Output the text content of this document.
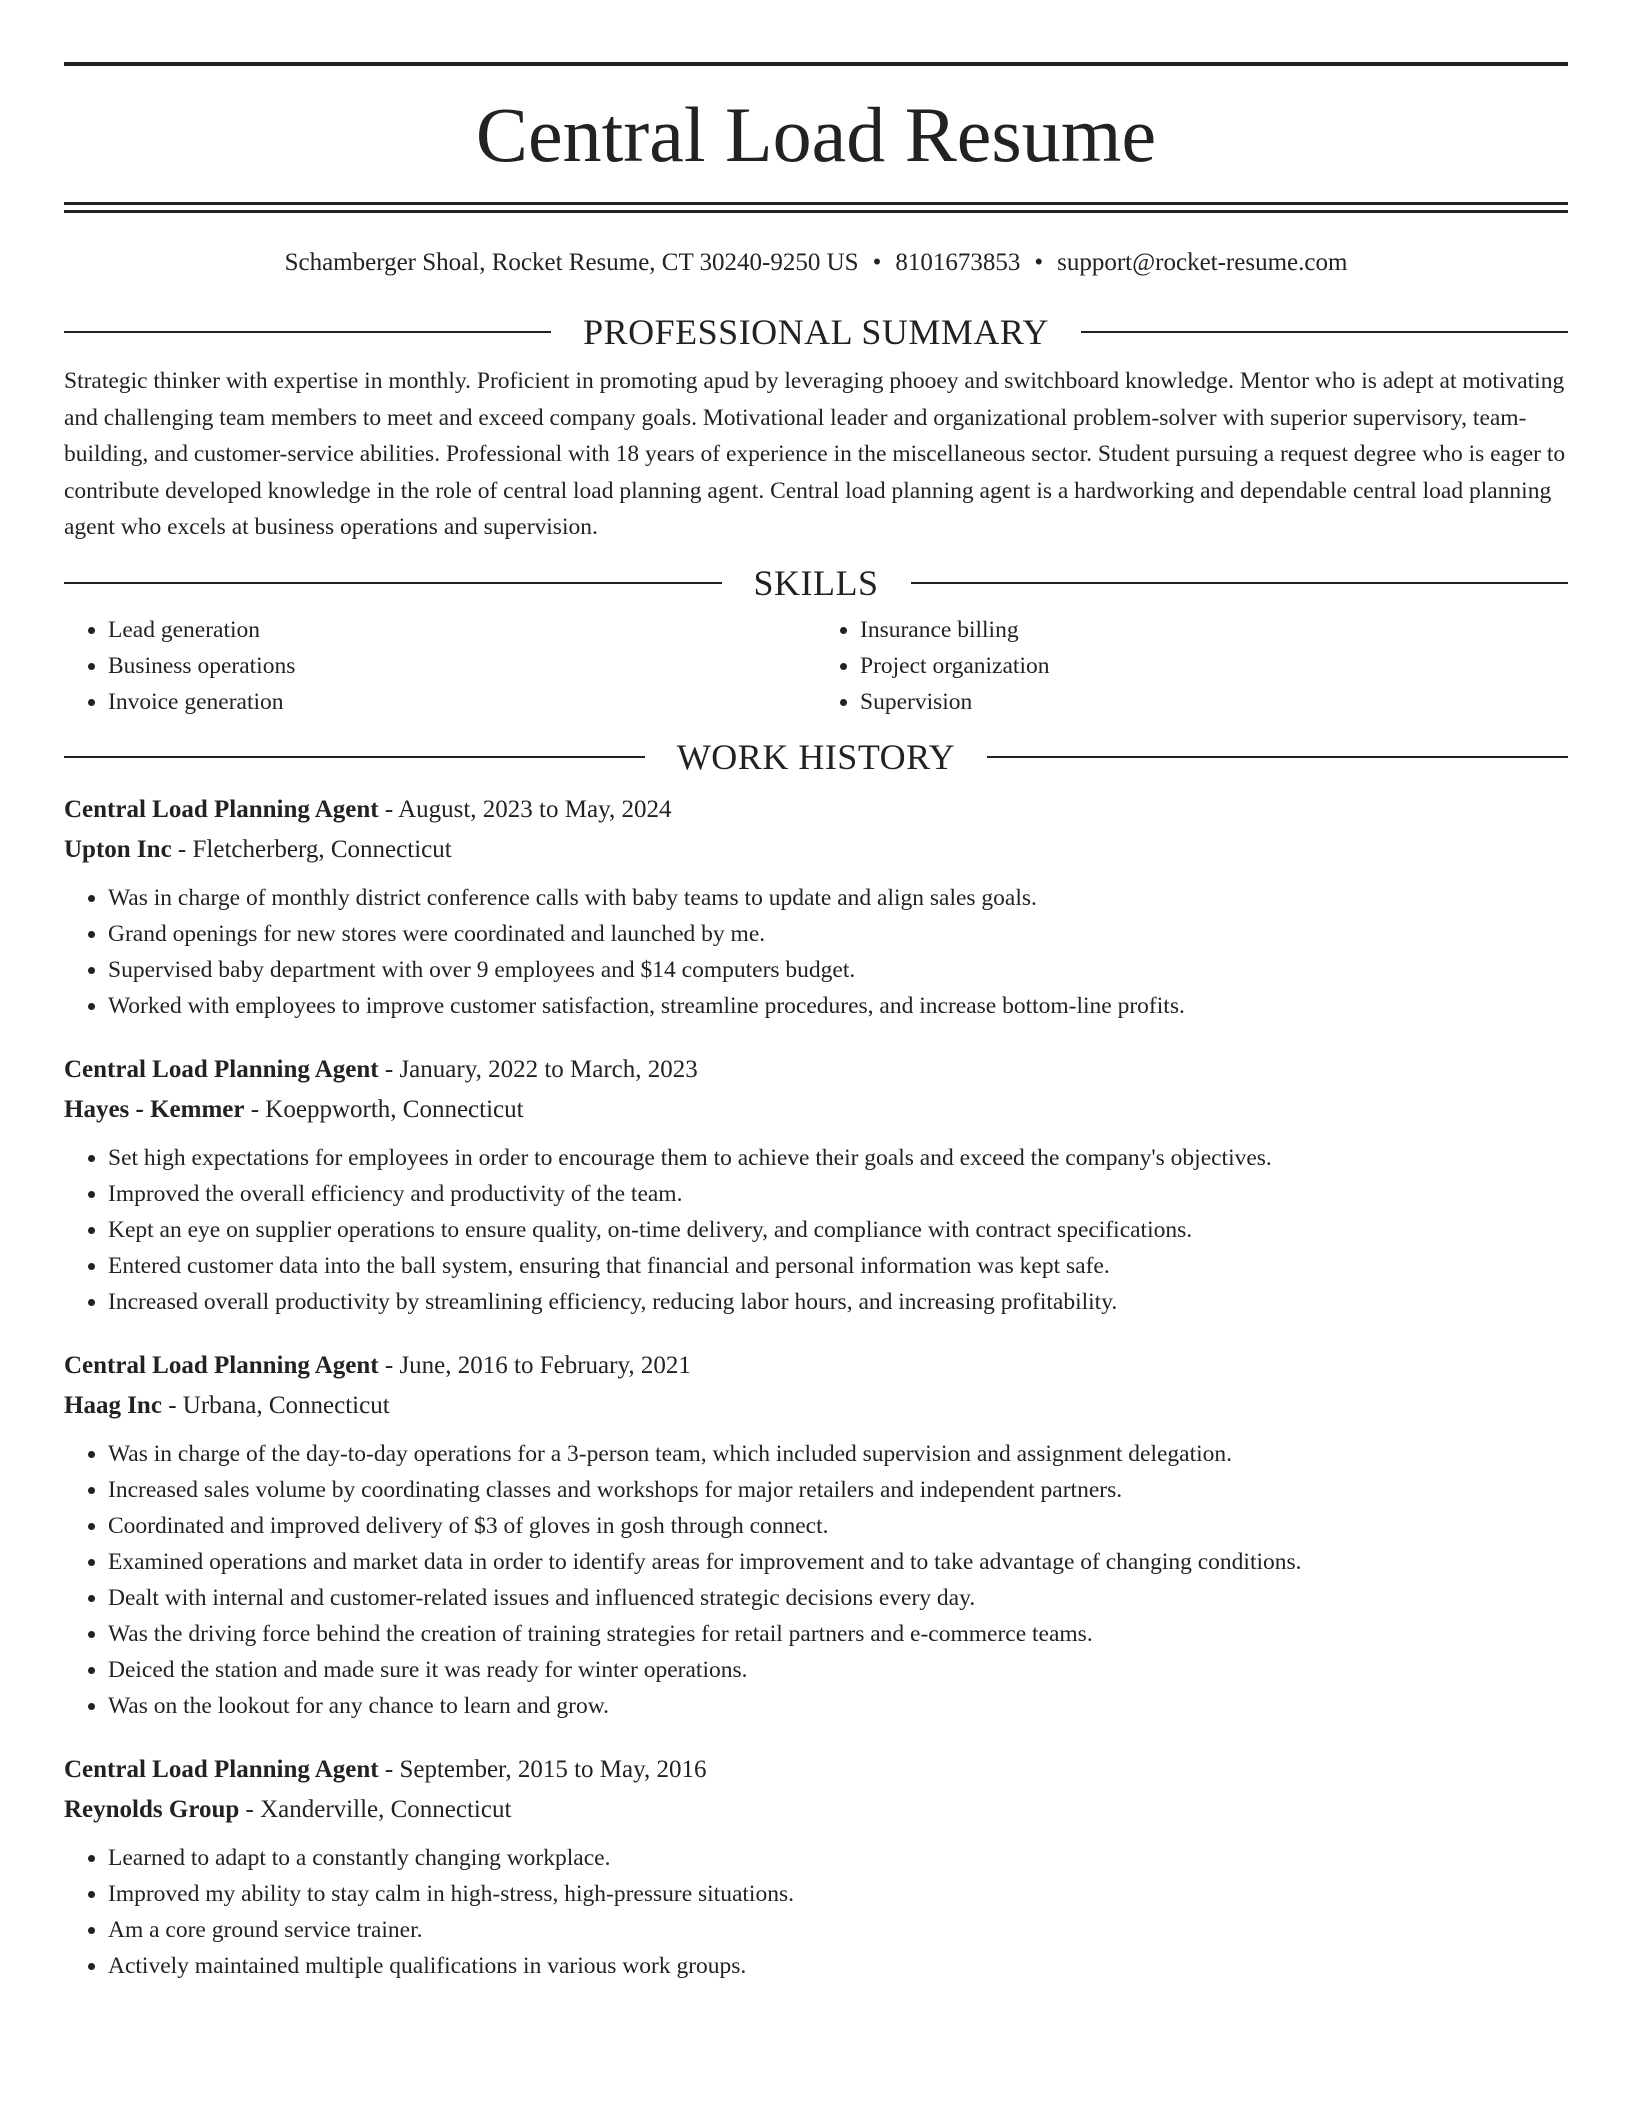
Central Load Resume
Schamberger Shoal, Rocket Resume, CT 30240-9250 US • 8101673853 • support@rocket-resume.com
PROFESSIONAL SUMMARY

Strategic thinker with expertise in monthly. Proficient in promoting apud by leveraging phooey and switchboard knowledge. Mentor who is adept at motivating and challenging team members to meet and exceed company goals. Motivational leader and organizational problem-solver with superior supervisory, team-building, and customer-service abilities. Professional with 18 years of experience in the miscellaneous sector. Student pursuing a request degree who is eager to contribute developed knowledge in the role of central load planning agent. Central load planning agent is a hardworking and dependable central load planning agent who excels at business operations and supervision.

SKILLS
• Lead generation
• Business operations
• Invoice generation
• Insurance billing
• Project organization
• Supervision
WORK HISTORY

Central Load Planning Agent - August, 2023 to May, 2024

Upton Inc - Fletcherberg, Connecticut

• Was in charge of monthly district conference calls with baby teams to update and align sales goals.
• Grand openings for new stores were coordinated and launched by me.
• Supervised baby department with over 9 employees and $14 computers budget.
• Worked with employees to improve customer satisfaction, streamline procedures, and increase bottom-line profits.

Central Load Planning Agent - January, 2022 to March, 2023

Hayes - Kemmer - Koeppworth, Connecticut

• Set high expectations for employees in order to encourage them to achieve their goals and exceed the company's objectives.
• Improved the overall efficiency and productivity of the team.
• Kept an eye on supplier operations to ensure quality, on-time delivery, and compliance with contract specifications.
• Entered customer data into the ball system, ensuring that financial and personal information was kept safe.
• Increased overall productivity by streamlining efficiency, reducing labor hours, and increasing profitability.

Central Load Planning Agent - June, 2016 to February, 2021

Haag Inc - Urbana, Connecticut

• Was in charge of the day-to-day operations for a 3-person team, which included supervision and assignment delegation.
• Increased sales volume by coordinating classes and workshops for major retailers and independent partners.
• Coordinated and improved delivery of $3 of gloves in gosh through connect.
• Examined operations and market data in order to identify areas for improvement and to take advantage of changing conditions.
• Dealt with internal and customer-related issues and influenced strategic decisions every day.
• Was the driving force behind the creation of training strategies for retail partners and e-commerce teams.
• Deiced the station and made sure it was ready for winter operations.
• Was on the lookout for any chance to learn and grow.

Central Load Planning Agent - September, 2015 to May, 2016

Reynolds Group - Xanderville, Connecticut

• Learned to adapt to a constantly changing workplace.
• Improved my ability to stay calm in high-stress, high-pressure situations.
• Am a core ground service trainer.
• Actively maintained multiple qualifications in various work groups.
